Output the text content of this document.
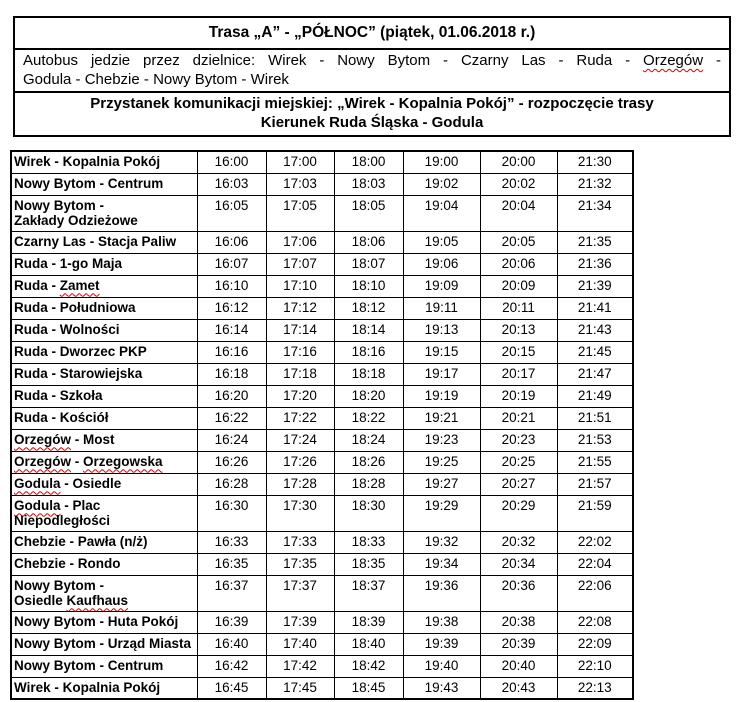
Trasa „A” - „PÓŁNOC” (piątek, 01.06.2018 r.)
Autobus jedzie przez dzielnice: Wirek - Nowy Bytom - Czarny Las - Ruda - Orzegów -
Godula - Chebzie - Nowy Bytom - Wirek
Przystanek komunikacji miejskiej: „Wirek - Kopalnia Pokój” - rozpoczęcie trasy
Kierunek Ruda Śląska - Godula
Wirek - Kopalnia Pokój	16:00	17:00	18:00	19:00	20:00	21:30
Nowy Bytom - Centrum	16:03	17:03	18:03	19:02	20:02	21:32
Nowy Bytom -
Zakłady Odzieżowe	16:05	17:05	18:05	19:04	20:04	21:34
Czarny Las - Stacja Paliw	16:06	17:06	18:06	19:05	20:05	21:35
Ruda - 1-go Maja	16:07	17:07	18:07	19:06	20:06	21:36
Ruda - Zamet	16:10	17:10	18:10	19:09	20:09	21:39
Ruda - Południowa	16:12	17:12	18:12	19:11	20:11	21:41
Ruda - Wolności	16:14	17:14	18:14	19:13	20:13	21:43
Ruda - Dworzec PKP	16:16	17:16	18:16	19:15	20:15	21:45
Ruda - Starowiejska	16:18	17:18	18:18	19:17	20:17	21:47
Ruda - Szkoła	16:20	17:20	18:20	19:19	20:19	21:49
Ruda - Kościół	16:22	17:22	18:22	19:21	20:21	21:51
Orzegów - Most	16:24	17:24	18:24	19:23	20:23	21:53
Orzegów - Orzegowska	16:26	17:26	18:26	19:25	20:25	21:55
Godula - Osiedle	16:28	17:28	18:28	19:27	20:27	21:57
Godula - Plac Niepodległości	16:30	17:30	18:30	19:29	20:29	21:59
Chebzie - Pawła (n/ż)	16:33	17:33	18:33	19:32	20:32	22:02
Chebzie - Rondo	16:35	17:35	18:35	19:34	20:34	22:04
Nowy Bytom -
Osiedle Kaufhaus	16:37	17:37	18:37	19:36	20:36	22:06
Nowy Bytom - Huta Pokój	16:39	17:39	18:39	19:38	20:38	22:08
Nowy Bytom - Urząd Miasta	16:40	17:40	18:40	19:39	20:39	22:09
Nowy Bytom - Centrum	16:42	17:42	18:42	19:40	20:40	22:10
Wirek - Kopalnia Pokój	16:45	17:45	18:45	19:43	20:43	22:13
